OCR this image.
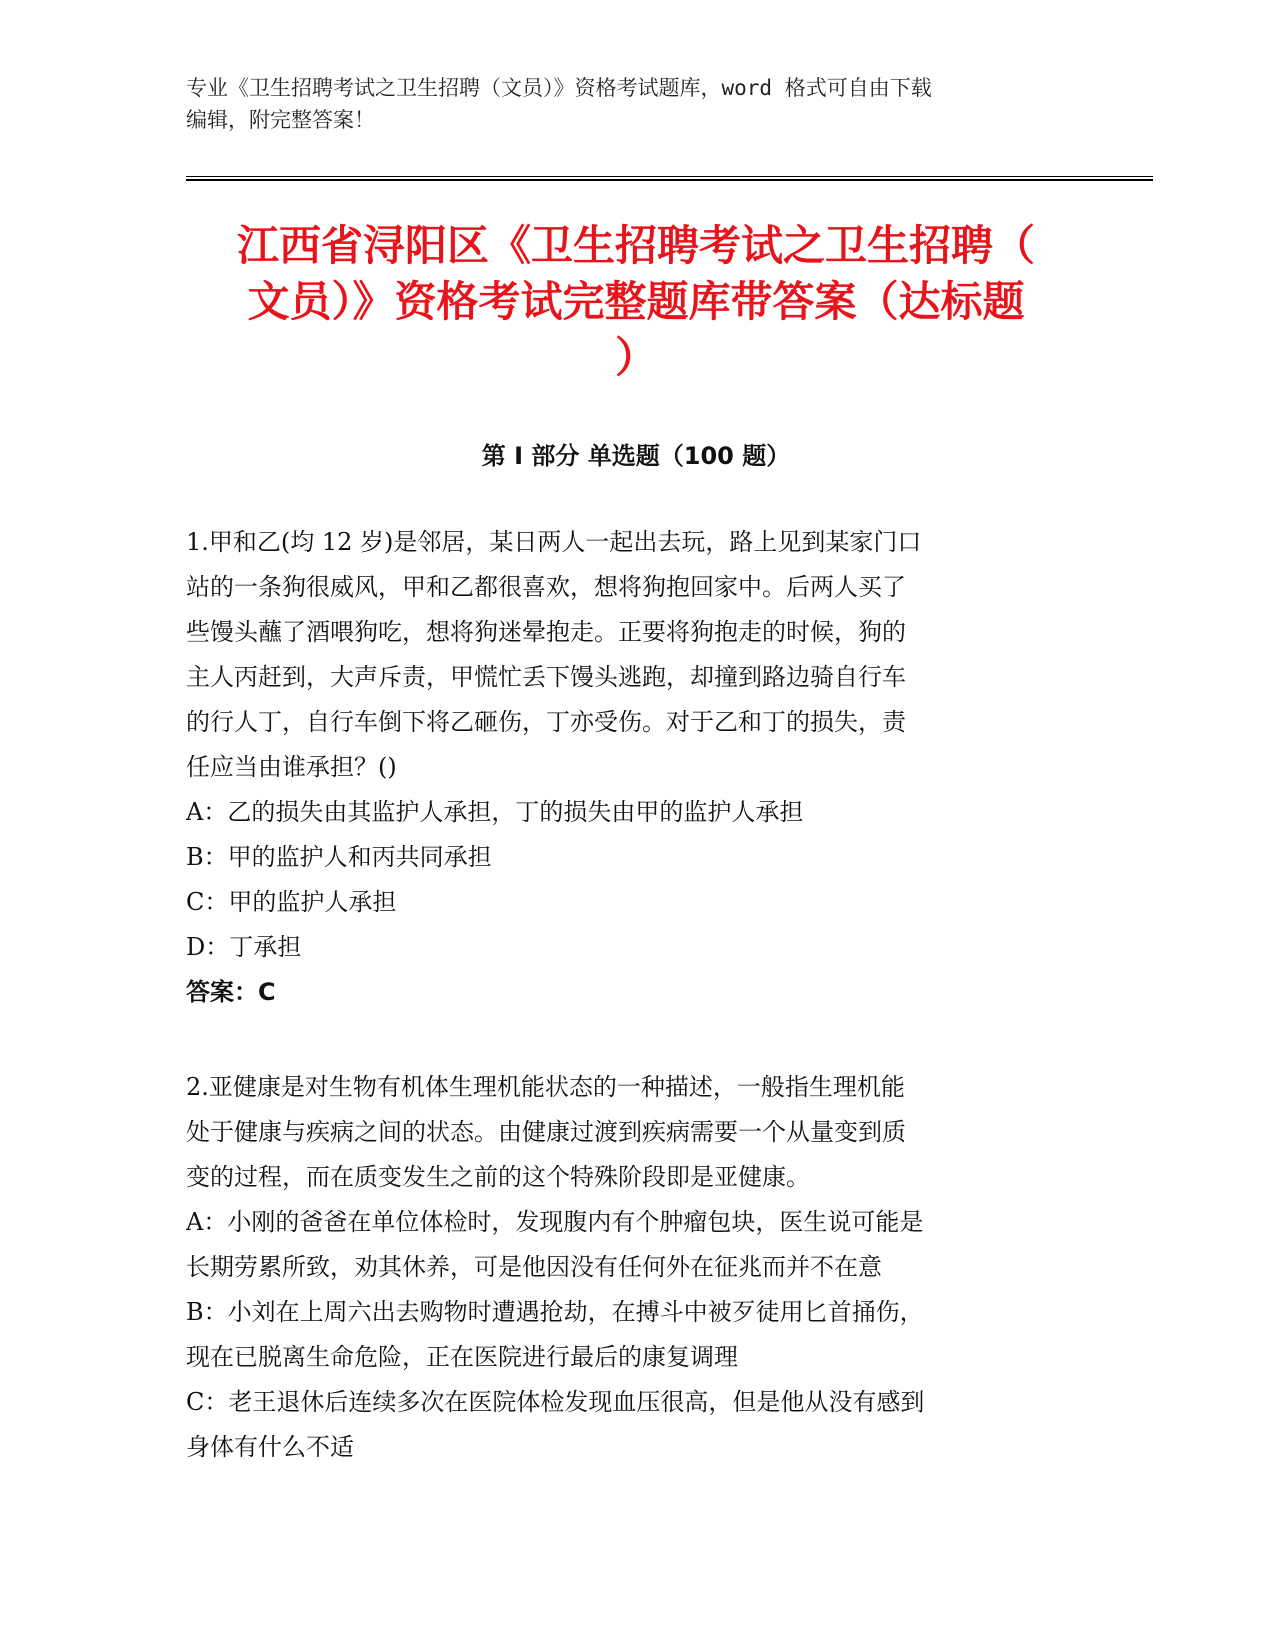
专业《卫生招聘考试之卫生招聘（文员）》资格考试题库，word 格式可自由下载
编辑，附完整答案！
江西省浔阳区《卫生招聘考试之卫生招聘（
文员）》资格考试完整题库带答案（达标题
）
第 I 部分 单选题（100 题）
1.甲和乙(均 12 岁)是邻居，某日两人一起出去玩，路上见到某家门口
站的一条狗很威风，甲和乙都很喜欢，想将狗抱回家中。后两人买了
些馒头蘸了酒喂狗吃，想将狗迷晕抱走。正要将狗抱走的时候，狗的
主人丙赶到，大声斥责，甲慌忙丢下馒头逃跑，却撞到路边骑自行车
的行人丁，自行车倒下将乙砸伤，丁亦受伤。对于乙和丁的损失，责
任应当由谁承担？()
A：乙的损失由其监护人承担，丁的损失由甲的监护人承担
B：甲的监护人和丙共同承担
C：甲的监护人承担
D：丁承担
答案：C
2.亚健康是对生物有机体生理机能状态的一种描述，一般指生理机能
处于健康与疾病之间的状态。由健康过渡到疾病需要一个从量变到质
变的过程，而在质变发生之前的这个特殊阶段即是亚健康。
A：小刚的爸爸在单位体检时，发现腹内有个肿瘤包块，医生说可能是
长期劳累所致，劝其休养，可是他因没有任何外在征兆而并不在意
B：小刘在上周六出去购物时遭遇抢劫，在搏斗中被歹徒用匕首捅伤，
现在已脱离生命危险，正在医院进行最后的康复调理
C：老王退休后连续多次在医院体检发现血压很高，但是他从没有感到
身体有什么不适
